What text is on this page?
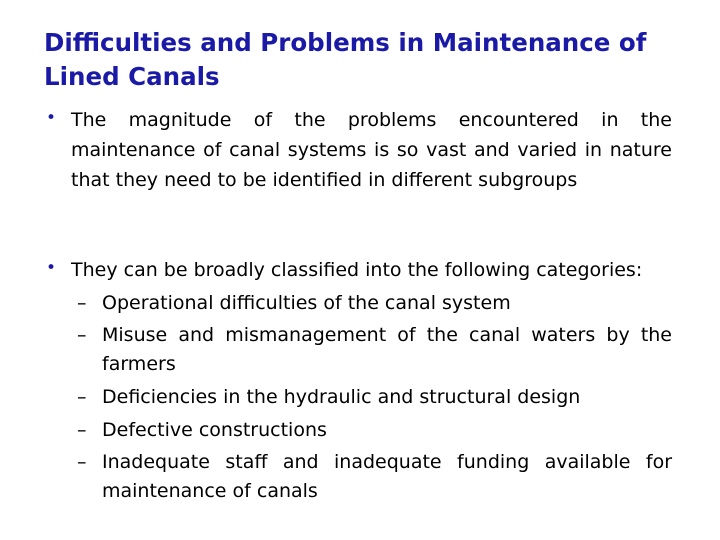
Difficulties and Problems in Maintenance of Lined Canals
• The magnitude of the problems encountered in the maintenance of canal systems is so vast and varied in nature that they need to be identified in different subgroups
• They can be broadly classified into the following categories:
– Operational difficulties of the canal system
– Misuse and mismanagement of the canal waters by the farmers
– Deficiencies in the hydraulic and structural design
– Defective constructions
– Inadequate staff and inadequate funding available for maintenance of canals
